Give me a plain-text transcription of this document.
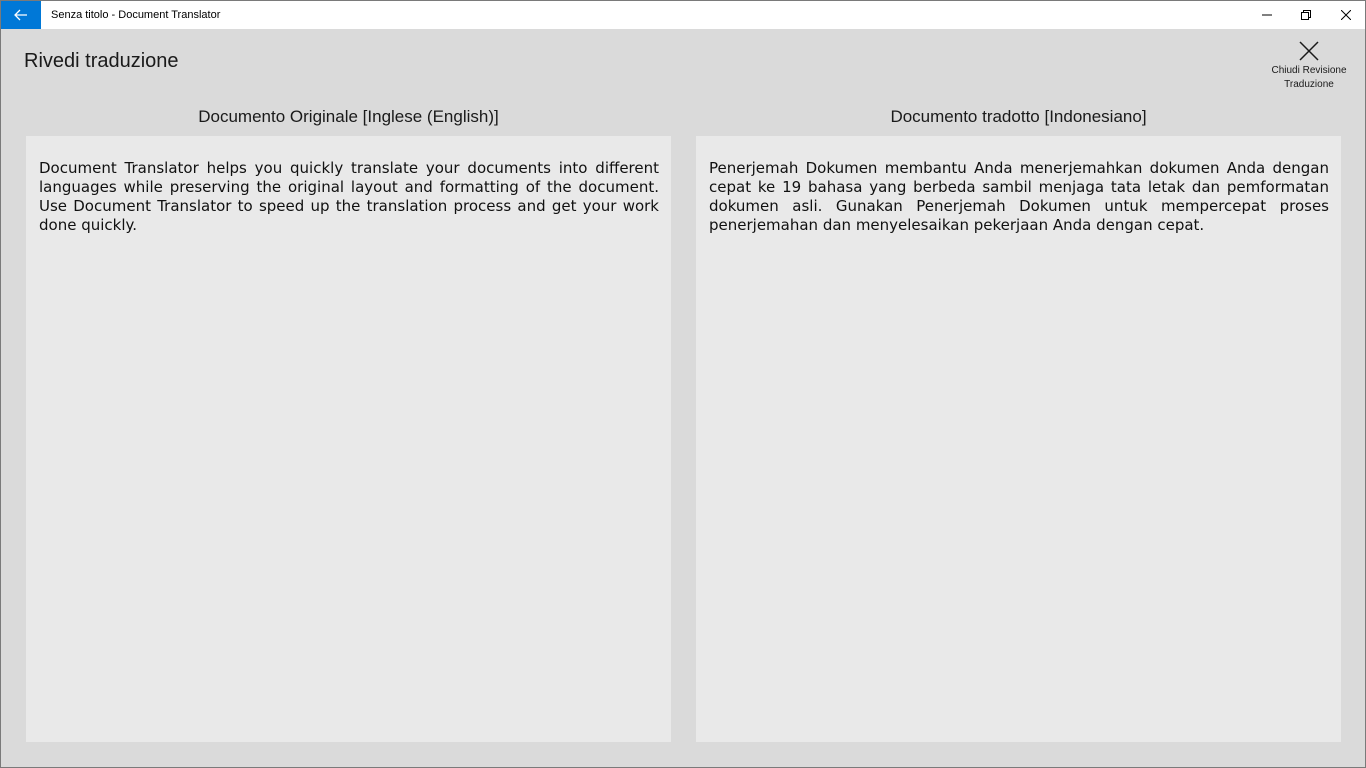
Senza titolo - Document Translator
Rivedi traduzione	Chiudi Revisione
Traduzione
Documento Originale [Inglese (English)]	Documento tradotto [Indonesiano]

Document Translator helps you quickly translate your documents into different languages while preserving the original layout and formatting of the document. Use Document Translator to speed up the translation process and get your work done quickly.

Penerjemah Dokumen membantu Anda menerjemahkan dokumen Anda dengan cepat ke 19 bahasa yang berbeda sambil menjaga tata letak dan pemformatan dokumen asli. Gunakan Penerjemah Dokumen untuk mempercepat proses penerjemahan dan menyelesaikan pekerjaan Anda dengan cepat.
